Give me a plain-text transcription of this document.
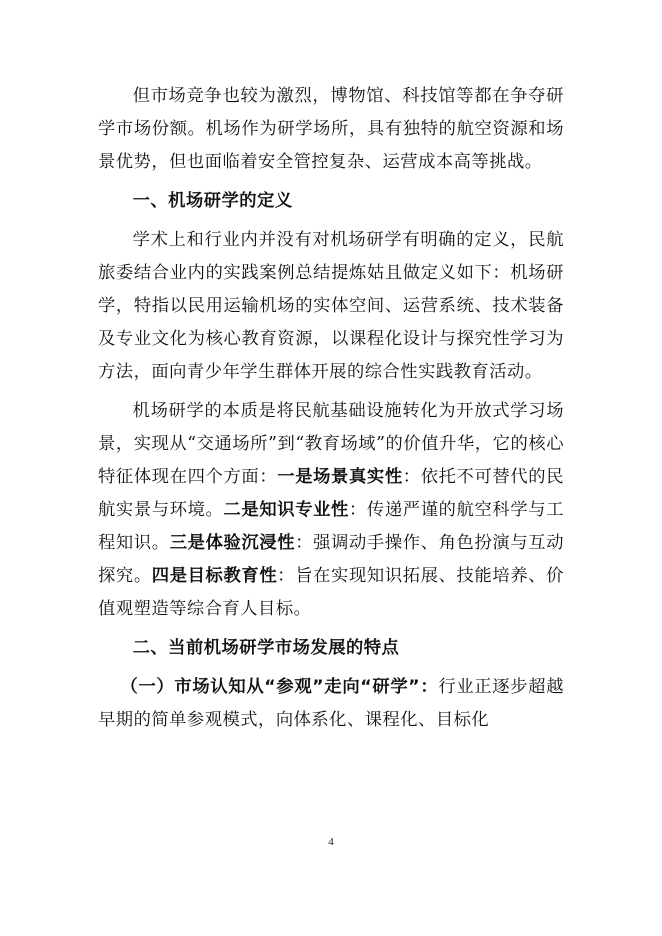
但市场竞争也较为激烈，博物馆、科技馆等都在争夺研学市场份额。机场作为研学场所，具有独特的航空资源和场景优势，但也面临着安全管控复杂、运营成本高等挑战。

一、机场研学的定义

学术上和行业内并没有对机场研学有明确的定义，民航旅委结合业内的实践案例总结提炼姑且做定义如下：机场研学，特指以民用运输机场的实体空间、运营系统、技术装备及专业文化为核心教育资源，以课程化设计与探究性学习为方法，面向青少年学生群体开展的综合性实践教育活动。

机场研学的本质是将民航基础设施转化为开放式学习场景，实现从“交通场所”到“教育场域”的价值升华，它的核心特征体现在四个方面：一是场景真实性：依托不可替代的民航实景与环境。二是知识专业性：传递严谨的航空科学与工程知识。三是体验沉浸性：强调动手操作、角色扮演与互动探究。四是目标教育性：旨在实现知识拓展、技能培养、价值观塑造等综合育人目标。

二、当前机场研学市场发展的特点

（一）市场认知从“参观”走向“研学”：行业正逐步超越早期的简单参观模式，向体系化、课程化、目标化

4
